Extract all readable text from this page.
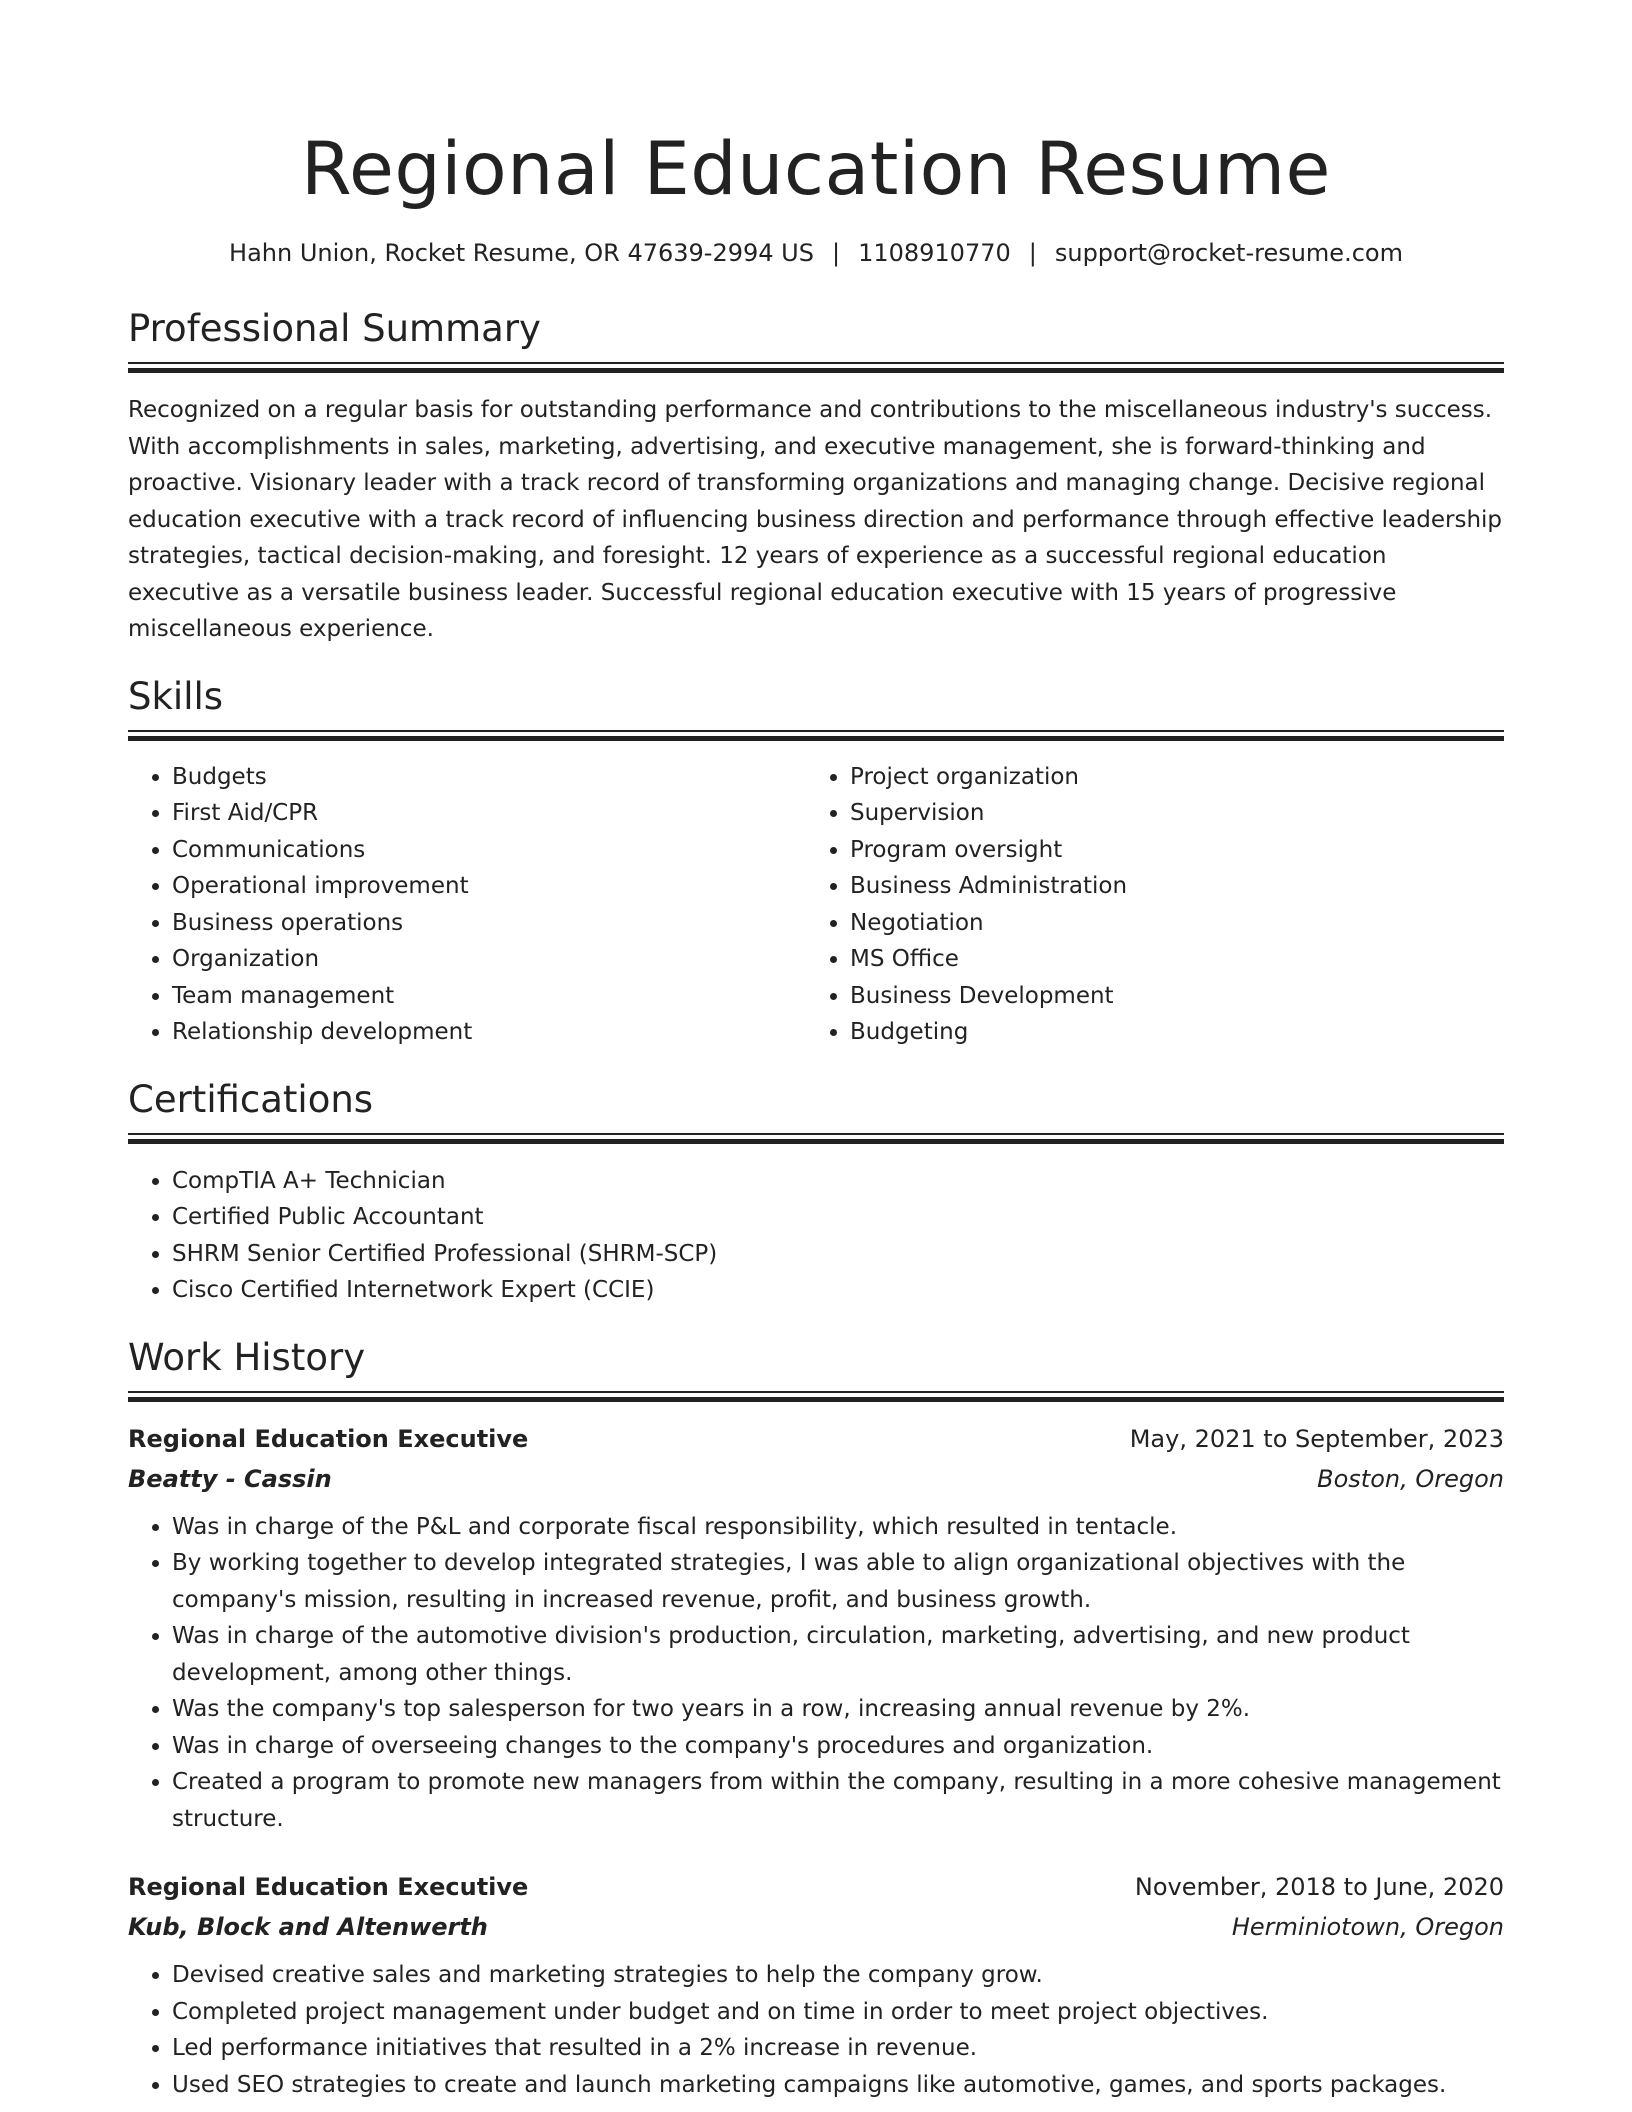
Regional Education Resume
Hahn Union, Rocket Resume, OR 47639-2994 US | 1108910770 | support@rocket-resume.com
Professional Summary
Recognized on a regular basis for outstanding performance and contributions to the miscellaneous industry's success. With accomplishments in sales, marketing, advertising, and executive management, she is forward-thinking and proactive. Visionary leader with a track record of transforming organizations and managing change. Decisive regional education executive with a track record of influencing business direction and performance through effective leadership strategies, tactical decision-making, and foresight. 12 years of experience as a successful regional education executive as a versatile business leader. Successful regional education executive with 15 years of progressive miscellaneous experience.
Skills
• Budgets
• First Aid/CPR
• Communications
• Operational improvement
• Business operations
• Organization
• Team management
• Relationship development
• Project organization
• Supervision
• Program oversight
• Business Administration
• Negotiation
• MS Office
• Business Development
• Budgeting
Certifications
• CompTIA A+ Technician
• Certified Public Accountant
• SHRM Senior Certified Professional (SHRM-SCP)
• Cisco Certified Internetwork Expert (CCIE)
Work History
Regional Education Executive	May, 2021 to September, 2023
Beatty - Cassin	Boston, Oregon
• Was in charge of the P&L and corporate fiscal responsibility, which resulted in tentacle.
• By working together to develop integrated strategies, I was able to align organizational objectives with the company's mission, resulting in increased revenue, profit, and business growth.
• Was in charge of the automotive division's production, circulation, marketing, advertising, and new product development, among other things.
• Was the company's top salesperson for two years in a row, increasing annual revenue by 2%.
• Was in charge of overseeing changes to the company's procedures and organization.
• Created a program to promote new managers from within the company, resulting in a more cohesive management structure.
Regional Education Executive	November, 2018 to June, 2020
Kub, Block and Altenwerth	Herminiotown, Oregon
• Devised creative sales and marketing strategies to help the company grow.
• Completed project management under budget and on time in order to meet project objectives.
• Led performance initiatives that resulted in a 2% increase in revenue.
• Used SEO strategies to create and launch marketing campaigns like automotive, games, and sports packages.
